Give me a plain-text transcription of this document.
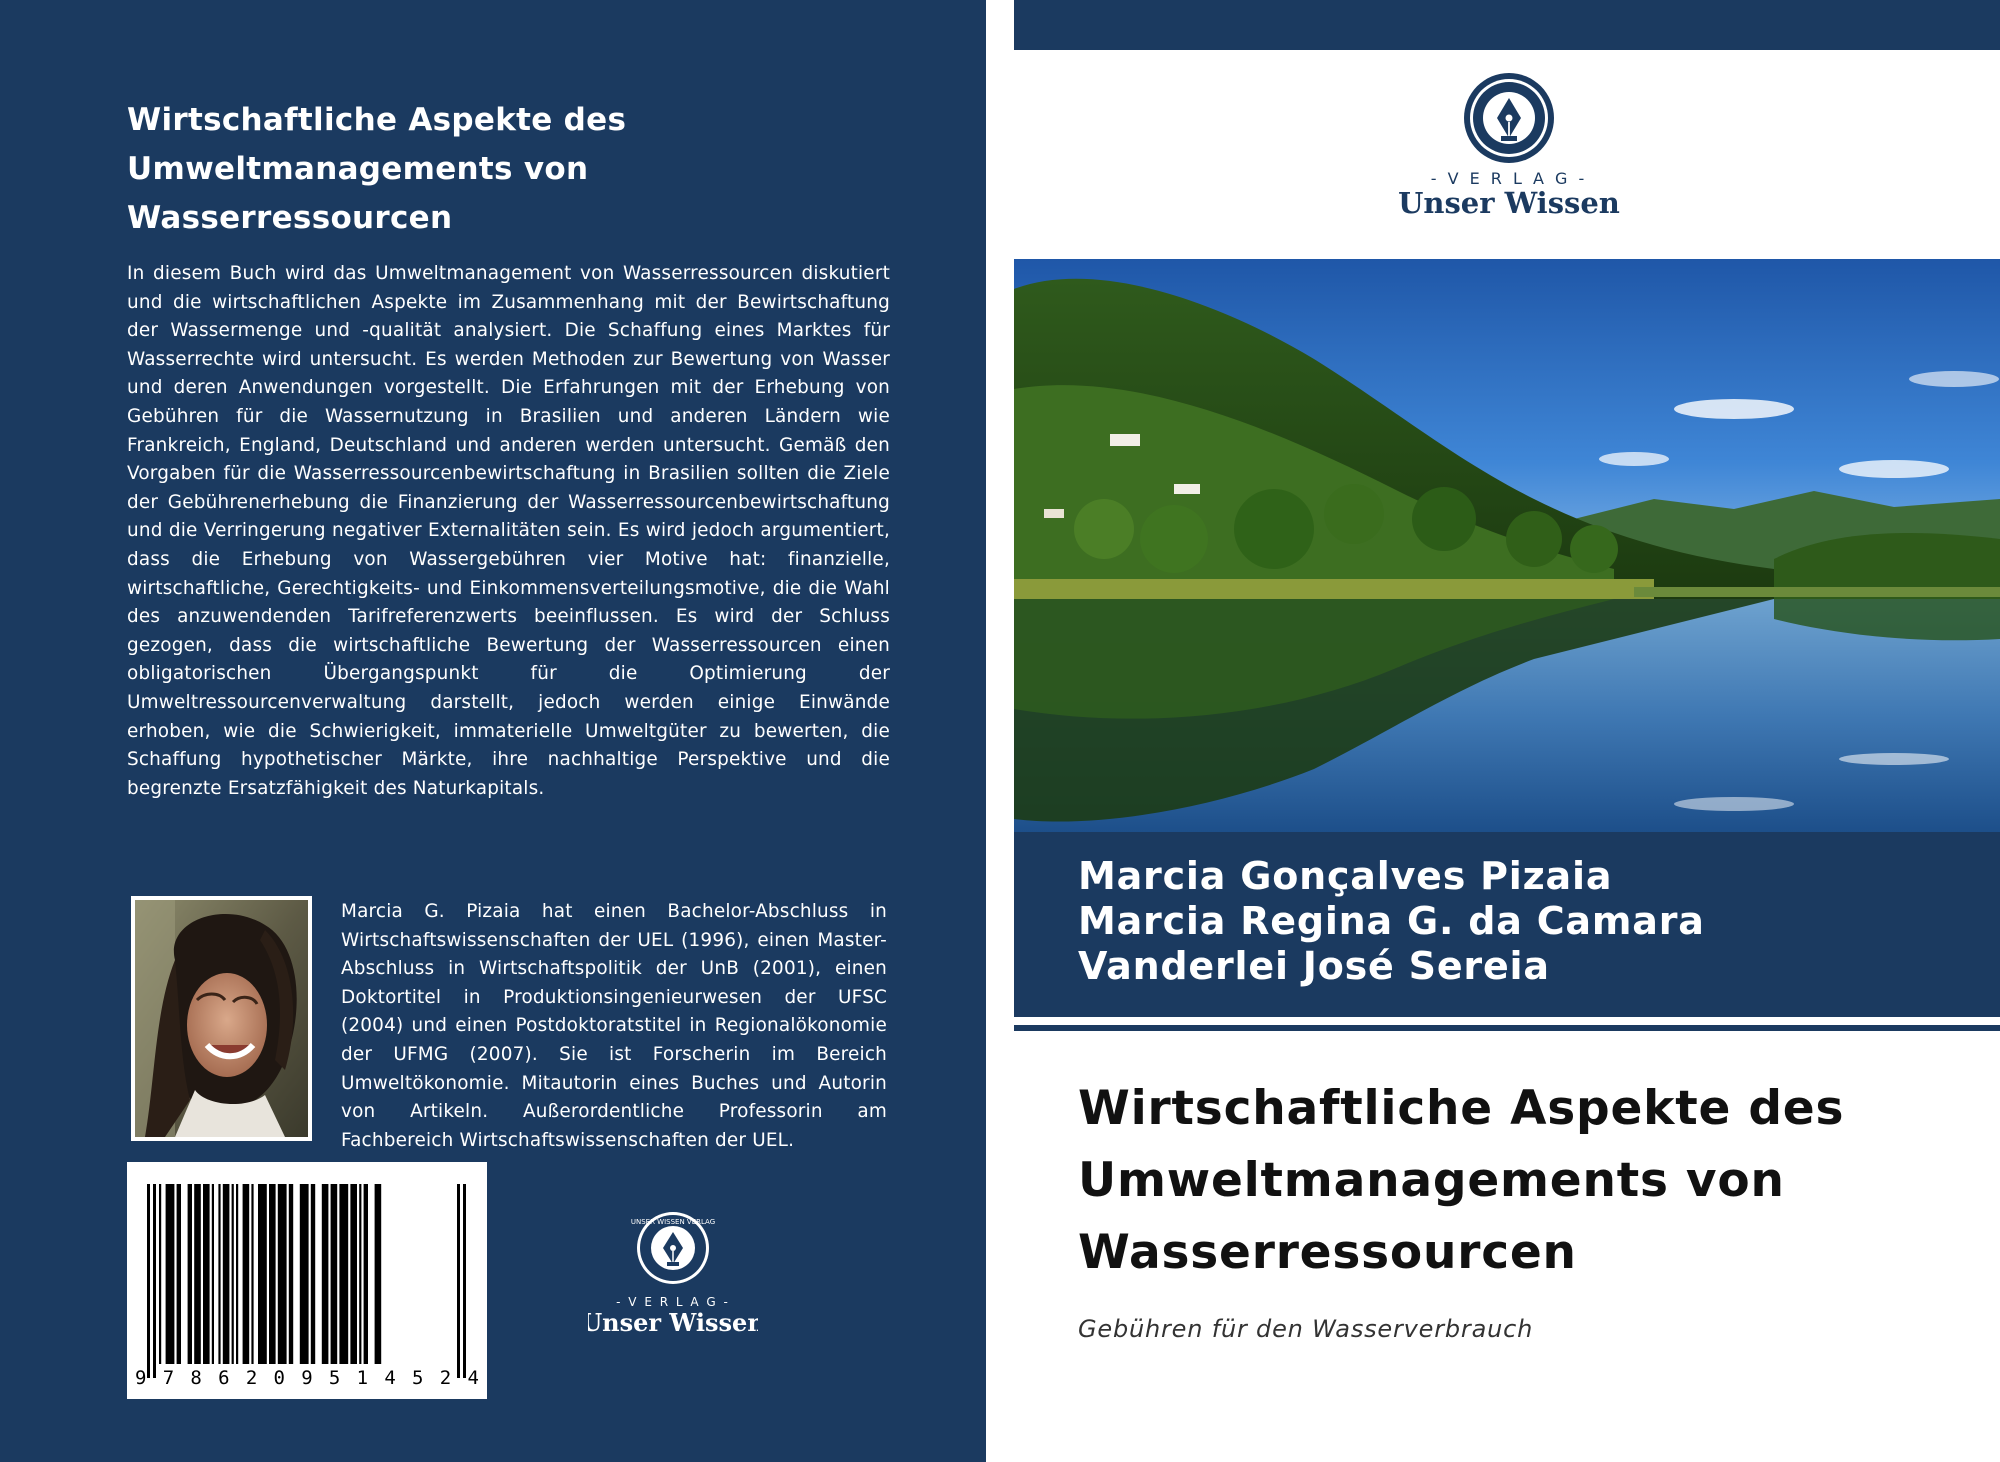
Wirtschaftliche Aspekte des
Umweltmanagements von
Wasserressourcen

In diesem Buch wird das Umweltmanagement von Wasserressourcen diskutiert und die wirtschaftlichen Aspekte im Zusammenhang mit der Bewirtschaftung der Wassermenge und -qualität analysiert. Die Schaffung eines Marktes für Wasserrechte wird untersucht. Es werden Methoden zur Bewertung von Wasser und deren Anwendungen vorgestellt. Die Erfahrungen mit der Erhebung von Gebühren für die Wassernutzung in Brasilien und anderen Ländern wie Frankreich, England, Deutschland und anderen werden untersucht. Gemäß den Vorgaben für die Wasserressourcenbewirtschaftung in Brasilien sollten die Ziele der Gebührenerhebung die Finanzierung der Wasserressourcenbewirtschaftung und die Verringerung negativer Externalitäten sein. Es wird jedoch argumentiert, dass die Erhebung von Wassergebühren vier Motive hat: finanzielle, wirtschaftliche, Gerechtigkeits- und Einkommensverteilungsmotive, die die Wahl des anzuwendenden Tarifreferenzwerts beeinflussen. Es wird der Schluss gezogen, dass die wirtschaftliche Bewertung der Wasserressourcen einen obligatorischen Übergangspunkt für die Optimierung der Umweltressourcenverwaltung darstellt, jedoch werden einige Einwände erhoben, wie die Schwierigkeit, immaterielle Umweltgüter zu bewerten, die Schaffung hypothetischer Märkte, ihre nachhaltige Perspektive und die begrenzte Ersatzfähigkeit des Naturkapitals.

Marcia G. Pizaia hat einen Bachelor-Abschluss in Wirtschaftswissenschaften der UEL (1996), einen Master-Abschluss in Wirtschaftspolitik der UnB (2001), einen Doktortitel in Produktionsingenieurwesen der UFSC (2004) und einen Postdoktoratstitel in Regionalökonomie der UFMG (2007). Sie ist Forscherin im Bereich Umweltökonomie. Mitautorin eines Buches und Autorin von Artikeln. Außerordentliche Professorin am Fachbereich Wirtschaftswissenschaften der UEL.

9 7 8 6 2 0 9 5 1 4 5 2 4
UNSER WISSEN VERLAG
- V E R L A G -
Unser Wissen
- V E R L A G -
Unser Wissen
Marcia Gonçalves Pizaia
Marcia Regina G. da Camara
Vanderlei José Sereia
Wirtschaftliche Aspekte des
Umweltmanagements von
Wasserressourcen
Gebühren für den Wasserverbrauch
